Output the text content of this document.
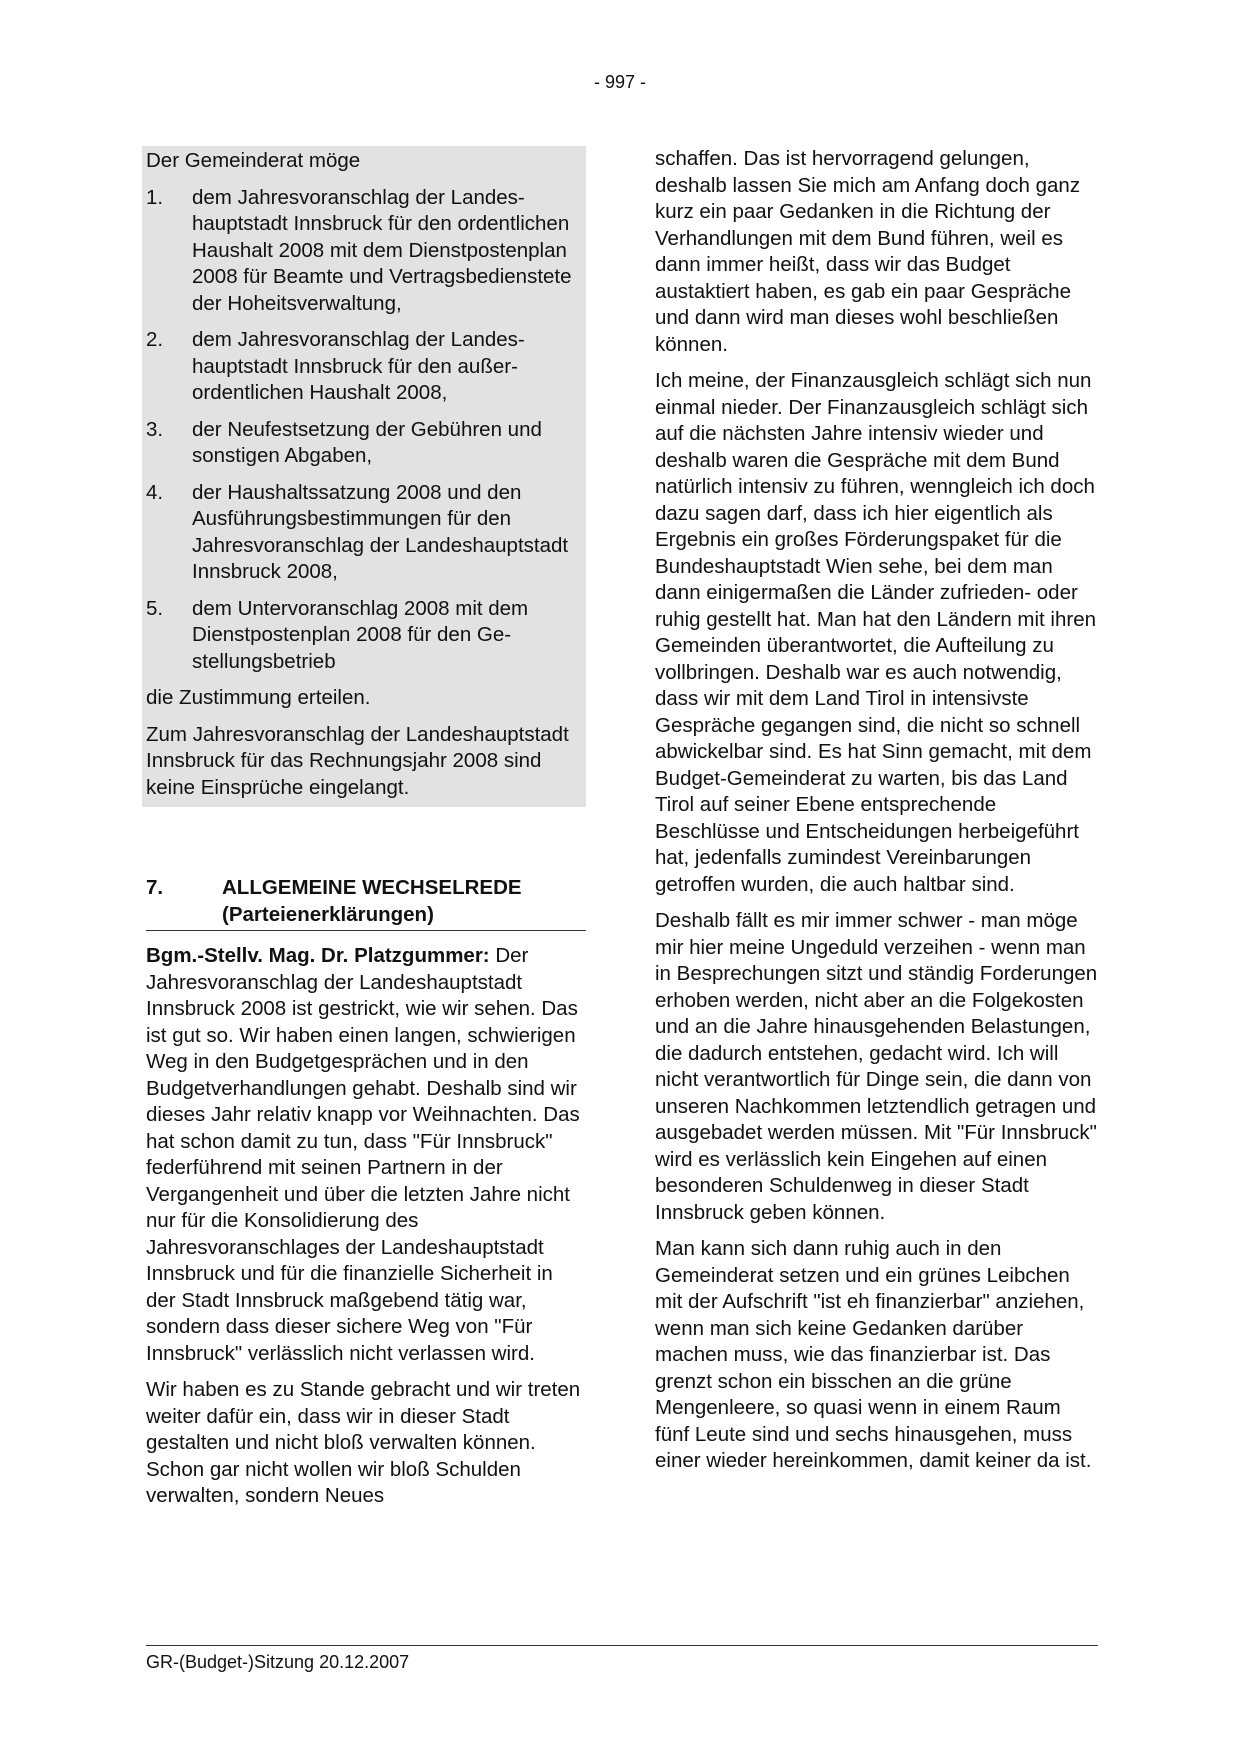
- 997 -

Der Gemeinderat möge

1. dem Jahresvoranschlag der Landeshauptstadt Innsbruck für den ordentlichen Haushalt 2008 mit dem Dienstpostenplan 2008 für Beamte und Vertragsbedienstete der Hoheitsverwaltung,
2. dem Jahresvoranschlag der Landeshauptstadt Innsbruck für den außerordentlichen Haushalt 2008,
3. der Neufestsetzung der Gebühren und sonstigen Abgaben,
4. der Haushaltssatzung 2008 und den Ausführungsbestimmungen für den Jahresvoranschlag der Landeshauptstadt Innsbruck 2008,
5. dem Untervoranschlag 2008 mit dem Dienstpostenplan 2008 für den Gestellungsbetrieb

die Zustimmung erteilen.

Zum Jahresvoranschlag der Landeshauptstadt Innsbruck für das Rechnungsjahr 2008 sind keine Einsprüche eingelangt.

7.	ALLGEMEINE WECHSELREDE (Parteienerklärungen)

Bgm.-Stellv. Mag. Dr. Platzgummer: Der Jahresvoranschlag der Landeshauptstadt Innsbruck 2008 ist gestrickt, wie wir sehen. Das ist gut so. Wir haben einen langen, schwierigen Weg in den Budgetgesprächen und in den Budgetverhandlungen gehabt. Deshalb sind wir dieses Jahr relativ knapp vor Weihnachten. Das hat schon damit zu tun, dass "Für Innsbruck" federführend mit seinen Partnern in der Vergangenheit und über die letzten Jahre nicht nur für die Konsolidierung des Jahresvoranschlages der Landeshauptstadt Innsbruck und für die finanzielle Sicherheit in der Stadt Innsbruck maßgebend tätig war, sondern dass dieser sichere Weg von "Für Innsbruck" verlässlich nicht verlassen wird.

Wir haben es zu Stande gebracht und wir treten weiter dafür ein, dass wir in dieser Stadt gestalten und nicht bloß verwalten können. Schon gar nicht wollen wir bloß Schulden verwalten, sondern Neues

schaffen. Das ist hervorragend gelungen, deshalb lassen Sie mich am Anfang doch ganz kurz ein paar Gedanken in die Richtung der Verhandlungen mit dem Bund führen, weil es dann immer heißt, dass wir das Budget austaktiert haben, es gab ein paar Gespräche und dann wird man dieses wohl beschließen können.

Ich meine, der Finanzausgleich schlägt sich nun einmal nieder. Der Finanzausgleich schlägt sich auf die nächsten Jahre intensiv wieder und deshalb waren die Gespräche mit dem Bund natürlich intensiv zu führen, wenngleich ich doch dazu sagen darf, dass ich hier eigentlich als Ergebnis ein großes Förderungspaket für die Bundeshauptstadt Wien sehe, bei dem man dann einigermaßen die Länder zufrieden- oder ruhig gestellt hat. Man hat den Ländern mit ihren Gemeinden überantwortet, die Aufteilung zu vollbringen. Deshalb war es auch notwendig, dass wir mit dem Land Tirol in intensivste Gespräche gegangen sind, die nicht so schnell abwickelbar sind. Es hat Sinn gemacht, mit dem Budget-Gemeinderat zu warten, bis das Land Tirol auf seiner Ebene entsprechende Beschlüsse und Entscheidungen herbeigeführt hat, jedenfalls zumindest Vereinbarungen getroffen wurden, die auch haltbar sind.

Deshalb fällt es mir immer schwer - man möge mir hier meine Ungeduld verzeihen - wenn man in Besprechungen sitzt und ständig Forderungen erhoben werden, nicht aber an die Folgekosten und an die Jahre hinausgehenden Belastungen, die dadurch entstehen, gedacht wird. Ich will nicht verantwortlich für Dinge sein, die dann von unseren Nachkommen letztendlich getragen und ausgebadet werden müssen. Mit "Für Innsbruck" wird es verlässlich kein Eingehen auf einen besonderen Schuldenweg in dieser Stadt Innsbruck geben können.

Man kann sich dann ruhig auch in den Gemeinderat setzen und ein grünes Leibchen mit der Aufschrift "ist eh finanzierbar" anziehen, wenn man sich keine Gedanken darüber machen muss, wie das finanzierbar ist. Das grenzt schon ein bisschen an die grüne Mengenleere, so quasi wenn in einem Raum fünf Leute sind und sechs hinausgehen, muss einer wieder hereinkommen, damit keiner da ist.

GR-(Budget-)Sitzung 20.12.2007
